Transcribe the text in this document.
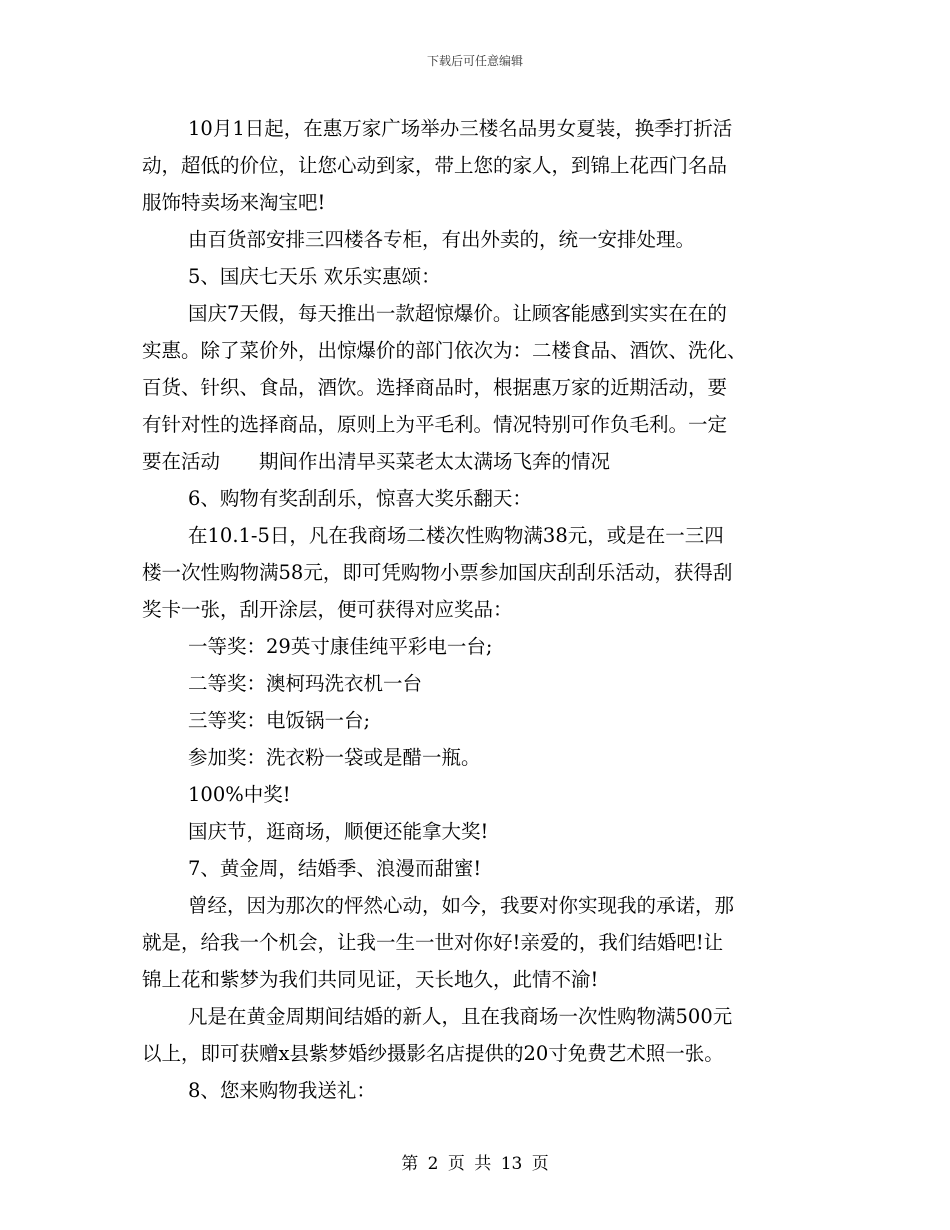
下载后可任意编辑
10月1日起，在惠万家广场举办三楼名品男女夏装，换季打折活
动，超低的价位，让您心动到家，带上您的家人，到锦上花西门名品
服饰特卖场来淘宝吧!
由百货部安排三四楼各专柜，有出外卖的，统一安排处理。
5、国庆七天乐 欢乐实惠颂：
国庆7天假，每天推出一款超惊爆价。让顾客能感到实实在在的
实惠。除了菜价外，出惊爆价的部门依次为：二楼食品、酒饮、洗化、
百货、针织、食品，酒饮。选择商品时，根据惠万家的近期活动，要
有针对性的选择商品，原则上为平毛利。情况特别可作负毛利。一定
要在活动　　期间作出清早买菜老太太满场飞奔的情况
6、购物有奖刮刮乐，惊喜大奖乐翻天：
在10.1-5日，凡在我商场二楼次性购物满38元，或是在一三四
楼一次性购物满58元，即可凭购物小票参加国庆刮刮乐活动，获得刮
奖卡一张，刮开涂层，便可获得对应奖品：
一等奖：29英寸康佳纯平彩电一台;
二等奖：澳柯玛洗衣机一台
三等奖：电饭锅一台;
参加奖：洗衣粉一袋或是醋一瓶。
100%中奖!
国庆节，逛商场，顺便还能拿大奖!
7、黄金周，结婚季、浪漫而甜蜜!
曾经，因为那次的怦然心动，如今，我要对你实现我的承诺，那
就是，给我一个机会，让我一生一世对你好!亲爱的，我们结婚吧!让
锦上花和紫梦为我们共同见证，天长地久，此情不渝!
凡是在黄金周期间结婚的新人，且在我商场一次性购物满500元
以上，即可获赠x县紫梦婚纱摄影名店提供的20寸免费艺术照一张。
8、您来购物我送礼：
第 2 页 共 13 页
